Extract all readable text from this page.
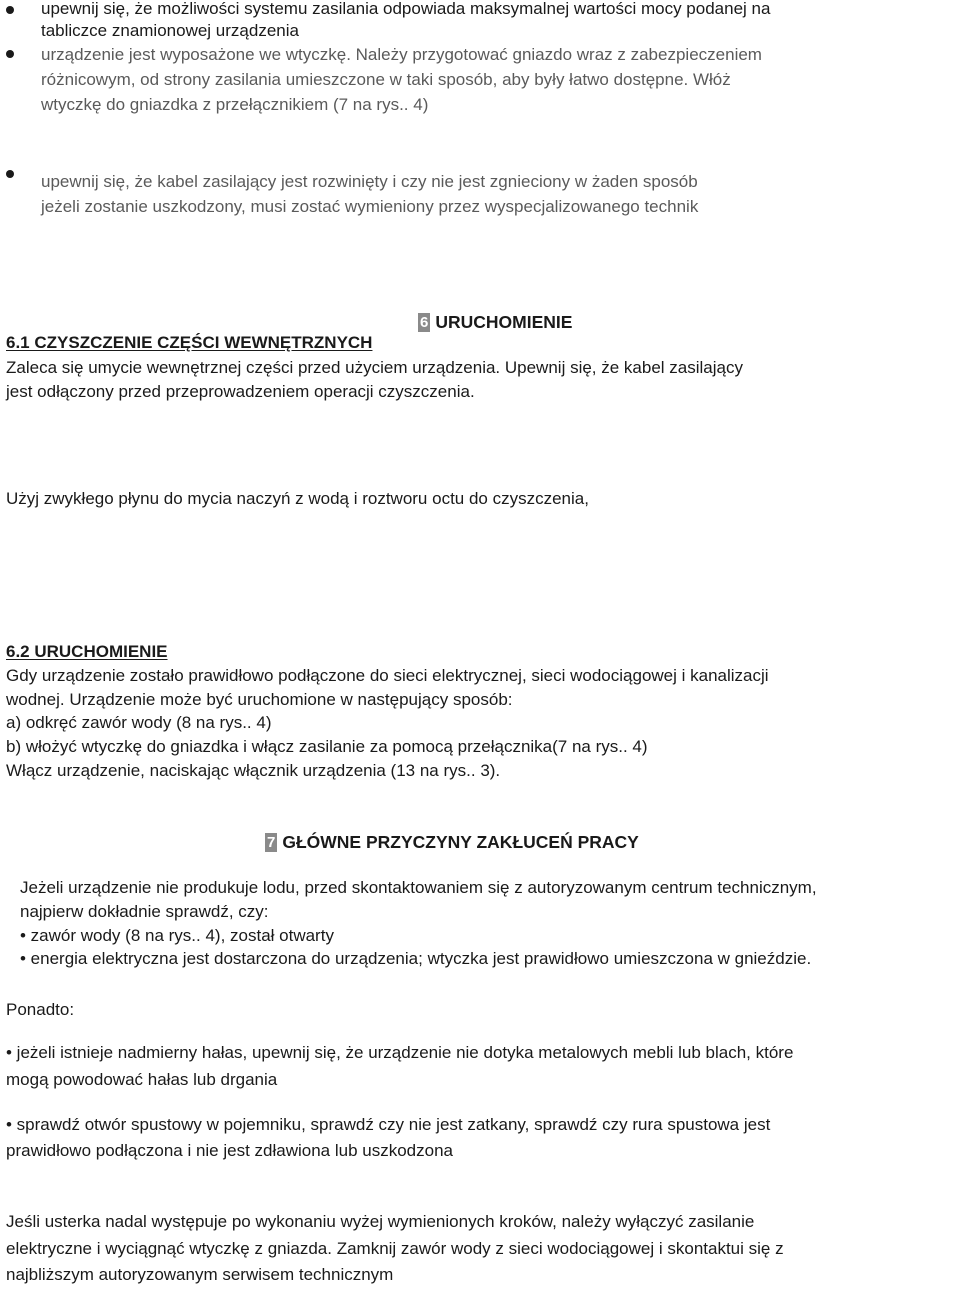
upewnij się, że możliwości systemu zasilania odpowiada maksymalnej wartości mocy podanej na
tabliczce znamionowej urządzenia
urządzenie jest wyposażone we wtyczkę. Należy przygotować gniazdo wraz z zabezpieczeniem
różnicowym, od strony zasilania umieszczone w taki sposób, aby były łatwo dostępne. Włóż
wtyczkę do gniazdka z przełącznikiem (7 na rys.. 4)
upewnij się, że kabel zasilający jest rozwinięty i czy nie jest zgnieciony w żaden sposób
jeżeli zostanie uszkodzony, musi zostać wymieniony przez wyspecjalizowanego technik
6 URUCHOMIENIE
6.1 CZYSZCZENIE CZĘŚCI WEWNĘTRZNYCH
Zaleca się umycie wewnętrznej części przed użyciem urządzenia. Upewnij się, że kabel zasilający
jest odłączony przed przeprowadzeniem operacji czyszczenia.
Użyj zwykłego płynu do mycia naczyń z wodą i roztworu octu do czyszczenia,
6.2 URUCHOMIENIE
Gdy urządzenie zostało prawidłowo podłączone do sieci elektrycznej, sieci wodociągowej i kanalizacji
wodnej. Urządzenie może być uruchomione w następujący sposób:
a) odkręć zawór wody (8 na rys.. 4)
b) włożyć wtyczkę do gniazdka i włącz zasilanie za pomocą przełącznika(7 na rys.. 4)
Włącz urządzenie, naciskając włącznik urządzenia (13 na rys.. 3).
7 GŁÓWNE PRZYCZYNY ZAKŁUCEŃ PRACY
Jeżeli urządzenie nie produkuje lodu, przed skontaktowaniem się z autoryzowanym centrum technicznym,
najpierw dokładnie sprawdź, czy:
• zawór wody (8 na rys.. 4), został otwarty
• energia elektryczna jest dostarczona do urządzenia; wtyczka jest prawidłowo umieszczona w gnieździe.
Ponadto:
• jeżeli istnieje nadmierny hałas, upewnij się, że urządzenie nie dotyka metalowych mebli lub blach, które
mogą powodować hałas lub drgania
• sprawdź otwór spustowy w pojemniku, sprawdź czy nie jest zatkany, sprawdź czy rura spustowa jest
prawidłowo podłączona i nie jest zdławiona lub uszkodzona
Jeśli usterka nadal występuje po wykonaniu wyżej wymienionych kroków, należy wyłączyć zasilanie
elektryczne i wyciągnąć wtyczkę z gniazda. Zamknij zawór wody z sieci wodociągowej i skontaktui się z
najbliższym autoryzowanym serwisem technicznym
